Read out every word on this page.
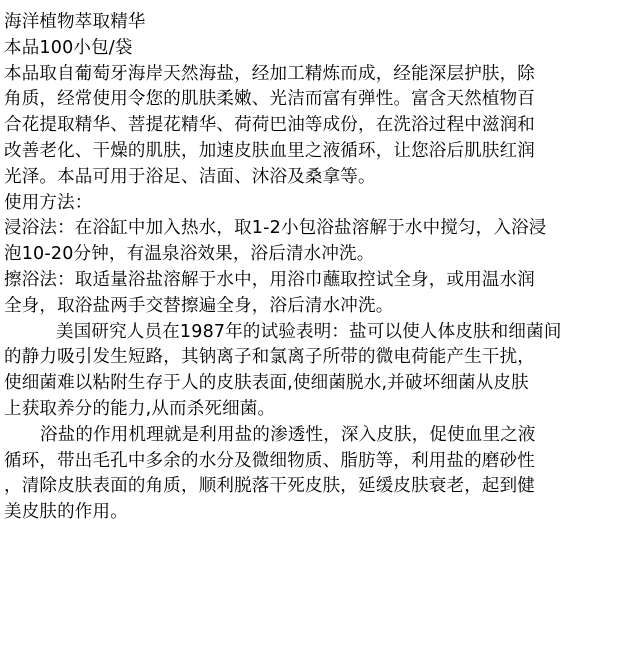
海洋植物萃取精华
本品100小包/袋
本品取自葡萄牙海岸天然海盐，经加工精炼而成，经能深层护肤，除
角质，经常使用令您的肌肤柔嫩、光洁而富有弹性。富含天然植物百
合花提取精华、菩提花精华、荷荷巴油等成份，在洗浴过程中滋润和
改善老化、干燥的肌肤，加速皮肤血里之液循环，让您浴后肌肤红润
光泽。本品可用于浴足、洁面、沐浴及桑拿等。
使用方法：
浸浴法：在浴缸中加入热水，取1-2小包浴盐溶解于水中搅匀，入浴浸
泡10-20分钟，有温泉浴效果，浴后清水冲洗。
擦浴法：取适量浴盐溶解于水中，用浴巾蘸取控试全身，或用温水润
全身，取浴盐两手交替擦遍全身，浴后清水冲洗。
美国研究人员在1987年的试验表明：盐可以使人体皮肤和细菌间
的静力吸引发生短路，其钠离子和氯离子所带的微电荷能产生干扰，
使细菌难以粘附生存于人的皮肤表面,使细菌脱水,并破坏细菌从皮肤
上获取养分的能力,从而杀死细菌。
浴盐的作用机理就是利用盐的渗透性，深入皮肤，促使血里之液
循环，带出毛孔中多余的水分及微细物质、脂肪等，利用盐的磨砂性
，清除皮肤表面的角质，顺利脱落干死皮肤，延缓皮肤衰老，起到健
美皮肤的作用。
